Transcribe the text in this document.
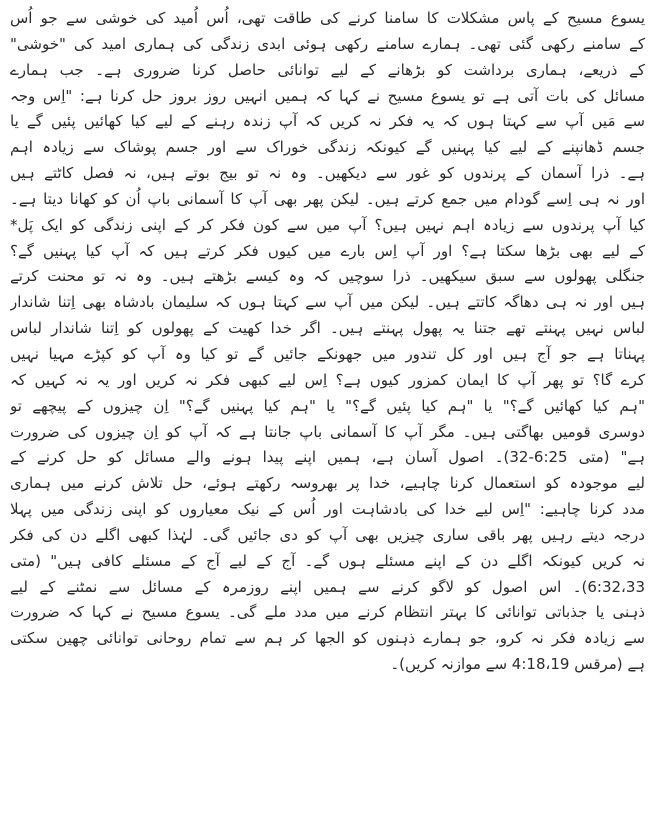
یسوع مسیح کے پاس مشکلات کا سامنا کرنے کی طاقت تھی، اُس اُمید کی خوشی سے جو اُس
کے سامنے رکھی گئی تھی۔ ہمارے سامنے رکھی ہوئی ابدی زندگی کی ہماری امید کی "خوشی"
کے ذریعے، ہماری برداشت کو بڑھانے کے لیے توانائی حاصل کرنا ضروری ہے۔ جب ہمارے
مسائل کی بات آتی ہے تو یسوع مسیح نے کہا کہ ہمیں انہیں روز بروز حل کرنا ہے: "اِس وجہ
سے مَیں آپ سے کہتا ہوں کہ یہ فکر نہ کریں کہ آپ زندہ رہنے کے لیے کیا کھائیں پئیں گے یا
جسم ڈھانپنے کے لیے کیا پہنیں گے کیونکہ زندگی خوراک سے اور جسم پوشاک سے زیادہ اہم
ہے۔ ذرا آسمان کے پرندوں کو غور سے دیکھیں۔ وہ نہ تو بیج بوتے ہیں، نہ فصل کاٹتے ہیں
اور نہ ہی اِسے گودام میں جمع کرتے ہیں۔ لیکن پھر بھی آپ کا آسمانی باپ اُن کو کھانا دیتا ہے۔
کیا آپ پرندوں سے زیادہ اہم نہیں ہیں؟ آپ میں سے کون فکر کر کے اپنی زندگی کو ایک پَل*
کے لیے بھی بڑھا سکتا ہے؟ اور آپ اِس بارے میں کیوں فکر کرتے ہیں کہ آپ کیا پہنیں گے؟
جنگلی پھولوں سے سبق سیکھیں۔ ذرا سوچیں کہ وہ کیسے بڑھتے ہیں۔ وہ نہ تو محنت کرتے
ہیں اور نہ ہی دھاگہ کاتتے ہیں۔ لیکن میں آپ سے کہتا ہوں کہ سلیمان بادشاہ بھی اِتنا شاندار
لباس نہیں پہنتے تھے جتنا یہ پھول پہنتے ہیں۔ اگر خدا کھیت کے پھولوں کو اِتنا شاندار لباس
پہناتا ہے جو آج ہیں اور کل تندور میں جھونکے جائیں گے تو کیا وہ آپ کو کپڑے مہیا نہیں
کرے گا؟ تو پھر آپ کا ایمان کمزور کیوں ہے؟ اِس لیے کبھی فکر نہ کریں اور یہ نہ کہیں کہ
"ہم کیا کھائیں گے؟" یا "ہم کیا پئیں گے؟" یا "ہم کیا پہنیں گے؟" اِن چیزوں کے پیچھے تو
دوسری قومیں بھاگتی ہیں۔ مگر آپ کا آسمانی باپ جانتا ہے کہ آپ کو اِن چیزوں کی ضرورت
ہے" (متی 6:25-32)۔ اصول آسان ہے، ہمیں اپنے پیدا ہونے والے مسائل کو حل کرنے کے
لیے موجودہ کو استعمال کرنا چاہیے، خدا پر بھروسہ رکھتے ہوئے، حل تلاش کرنے میں ہماری
مدد کرنا چاہیے: "اِس لیے خدا کی بادشاہت اور اُس کے نیک معیاروں کو اپنی زندگی میں پہلا
درجہ دیتے رہیں پھر باقی ساری چیزیں بھی آپ کو دی جائیں گی۔ لہٰذا کبھی اگلے دن کی فکر
نہ کریں کیونکہ اگلے دن کے اپنے مسئلے ہوں گے۔ آج کے لیے آج کے مسئلے کافی ہیں" (متی
6:32،33)۔ اس اصول کو لاگو کرنے سے ہمیں اپنے روزمرہ کے مسائل سے نمٹنے کے لیے
ذہنی یا جذباتی توانائی کا بہتر انتظام کرنے میں مدد ملے گی۔ یسوع مسیح نے کہا کہ ضرورت
سے زیادہ فکر نہ کرو، جو ہمارے ذہنوں کو الجھا کر ہم سے تمام روحانی توانائی چھین سکتی
ہے (مرقس 4:18،19 سے موازنہ کریں)۔
